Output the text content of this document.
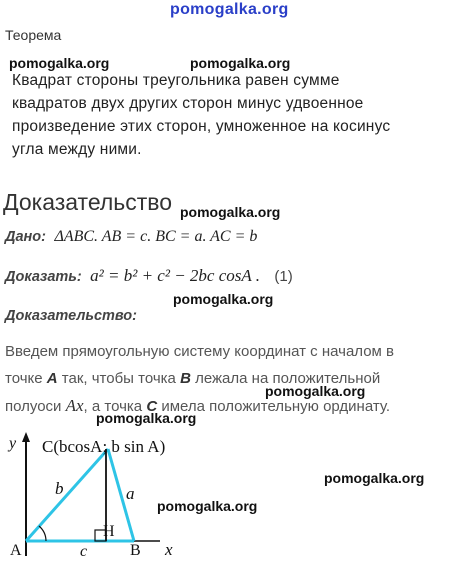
pomogalka.org
Теорема
pomogalka.org	pomogalka.org
Квадрат стороны треугольника равен сумме
квадратов двух других сторон минус удвоенное
произведение этих сторон, умноженное на косинус
угла между ними.
Доказательство pomogalka.org
Дано: ΔABC. AB = c. BC = a. AC = b
Доказать: a² = b² + c² − 2bc cosA . (1)
pomogalka.org
Доказательство:
Введем прямоугольную систему координат с началом в
точке A так, чтобы точка B лежала на положительной
полуоси Ax, а точка C имела положительную ординату.
pomogalka.org
pomogalka.org
y
x
C(bcosA; b sin A)
A	B
H
a
b
c
pomogalka.org
pomogalka.org
